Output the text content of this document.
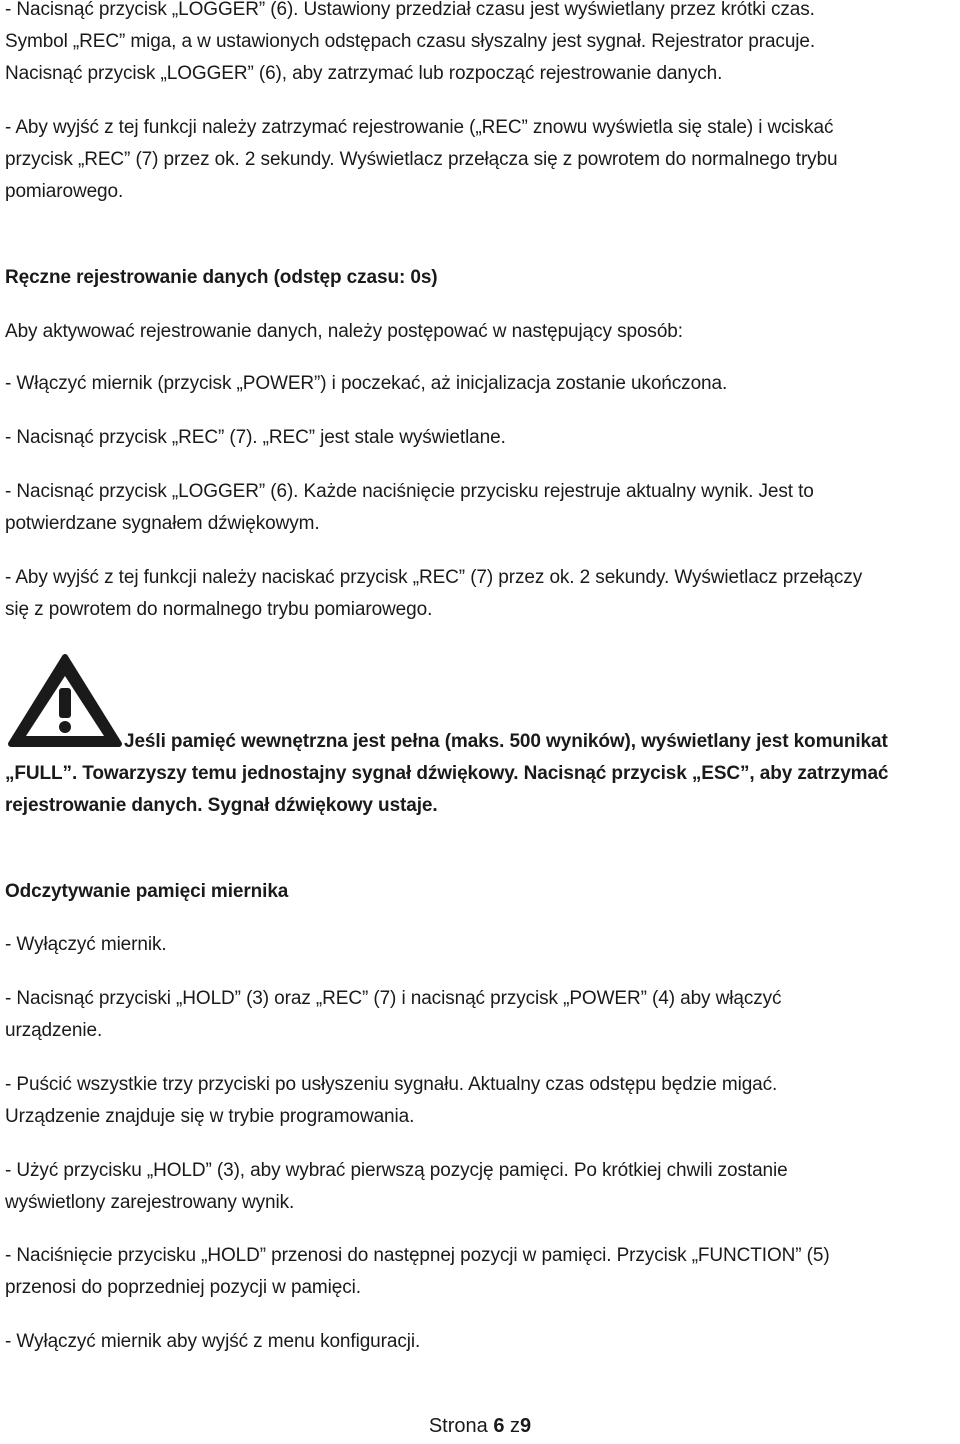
- Nacisnąć przycisk „LOGGER” (6). Ustawiony przedział czasu jest wyświetlany przez krótki czas.
Symbol „REC” miga, a w ustawionych odstępach czasu słyszalny jest sygnał. Rejestrator pracuje.
Nacisnąć przycisk „LOGGER” (6), aby zatrzymać lub rozpocząć rejestrowanie danych.
- Aby wyjść z tej funkcji należy zatrzymać rejestrowanie („REC” znowu wyświetla się stale) i wciskać
przycisk „REC” (7) przez ok. 2 sekundy. Wyświetlacz przełącza się z powrotem do normalnego trybu
pomiarowego.
Ręczne rejestrowanie danych (odstęp czasu: 0s)
Aby aktywować rejestrowanie danych, należy postępować w następujący sposób:
- Włączyć miernik (przycisk „POWER”) i poczekać, aż inicjalizacja zostanie ukończona.
- Nacisnąć przycisk „REC” (7). „REC” jest stale wyświetlane.
- Nacisnąć przycisk „LOGGER” (6). Każde naciśnięcie przycisku rejestruje aktualny wynik. Jest to
potwierdzane sygnałem dźwiękowym.
- Aby wyjść z tej funkcji należy naciskać przycisk „REC” (7) przez ok. 2 sekundy. Wyświetlacz przełączy
się z powrotem do normalnego trybu pomiarowego.
Jeśli pamięć wewnętrzna jest pełna (maks. 500 wyników), wyświetlany jest komunikat
„FULL”. Towarzyszy temu jednostajny sygnał dźwiękowy. Nacisnąć przycisk „ESC”, aby zatrzymać
rejestrowanie danych. Sygnał dźwiękowy ustaje.
Odczytywanie pamięci miernika
- Wyłączyć miernik.
- Nacisnąć przyciski „HOLD” (3) oraz „REC” (7) i nacisnąć przycisk „POWER” (4) aby włączyć
urządzenie.
- Puścić wszystkie trzy przyciski po usłyszeniu sygnału. Aktualny czas odstępu będzie migać.
Urządzenie znajduje się w trybie programowania.
- Użyć przycisku „HOLD” (3), aby wybrać pierwszą pozycję pamięci. Po krótkiej chwili zostanie
wyświetlony zarejestrowany wynik.
- Naciśnięcie przycisku „HOLD” przenosi do następnej pozycji w pamięci. Przycisk „FUNCTION” (5)
przenosi do poprzedniej pozycji w pamięci.
- Wyłączyć miernik aby wyjść z menu konfiguracji.
Strona 6 z9
